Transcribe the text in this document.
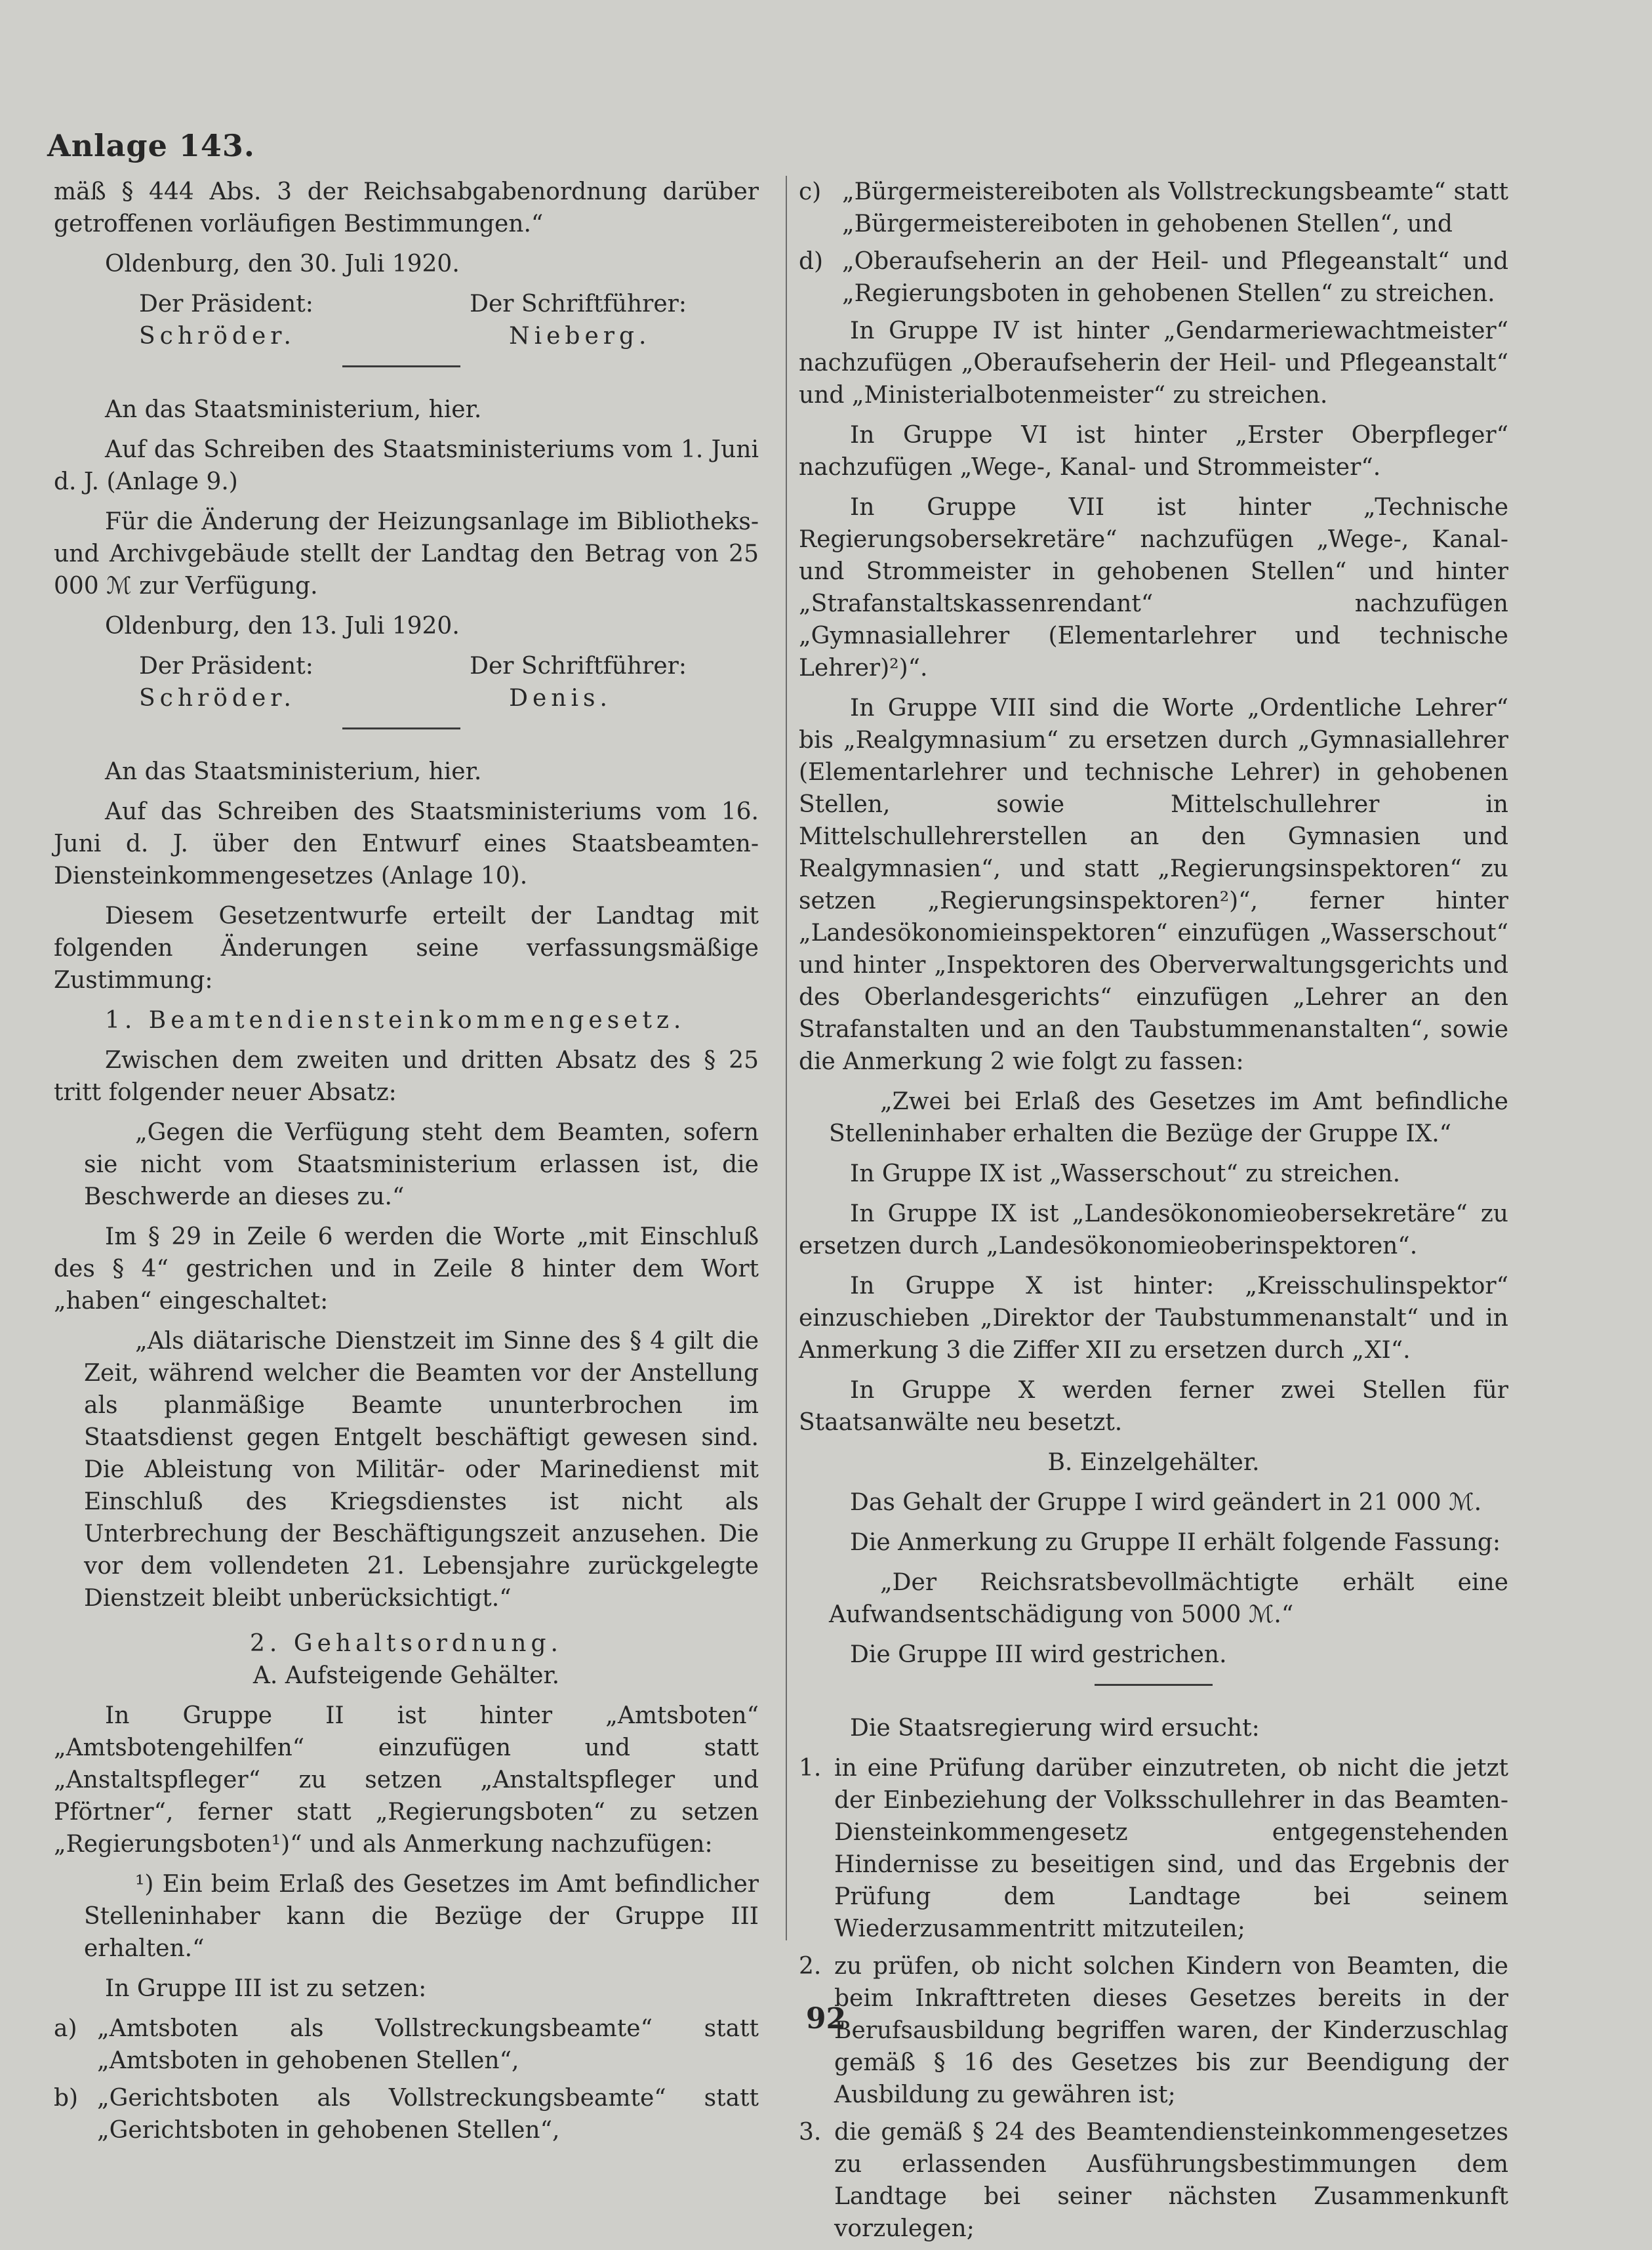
Anlage 143.

mäß § 444 Abs. 3 der Reichsabgabenordnung darüber getroffenen vorläufigen Bestimmungen.“

Oldenburg, den 30. Juli 1920.

Der Präsident:
Schröder.
Der Schriftführer:
Nieberg.

An das Staatsministerium, hier.

Auf das Schreiben des Staatsministeriums vom 1. Juni d. J. (Anlage 9.)

Für die Änderung der Heizungsanlage im Bibliotheks- und Archivgebäude stellt der Landtag den Betrag von 25 000 ℳ zur Verfügung.

Oldenburg, den 13. Juli 1920.

Der Präsident:
Schröder.
Der Schriftführer:
Denis.

An das Staatsministerium, hier.

Auf das Schreiben des Staatsministeriums vom 16. Juni d. J. über den Entwurf eines Staatsbeamten-Diensteinkommengesetzes (Anlage 10).

Diesem Gesetzentwurfe erteilt der Landtag mit folgenden Änderungen seine verfassungsmäßige Zustimmung:

1. Beamtendiensteinkommengesetz.

Zwischen dem zweiten und dritten Absatz des § 25 tritt folgender neuer Absatz:

„Gegen die Verfügung steht dem Beamten, sofern sie nicht vom Staatsministerium erlassen ist, die Beschwerde an dieses zu.“

Im § 29 in Zeile 6 werden die Worte „mit Einschluß des § 4“ gestrichen und in Zeile 8 hinter dem Wort „haben“ eingeschaltet:

„Als diätarische Dienstzeit im Sinne des § 4 gilt die Zeit, während welcher die Beamten vor der Anstellung als planmäßige Beamte ununterbrochen im Staatsdienst gegen Entgelt beschäftigt gewesen sind. Die Ableistung von Militär- oder Marinedienst mit Einschluß des Kriegsdienstes ist nicht als Unterbrechung der Beschäftigungszeit anzusehen. Die vor dem vollendeten 21. Lebensjahre zurückgelegte Dienstzeit bleibt unberücksichtigt.“

2. Gehaltsordnung.

A. Aufsteigende Gehälter.

In Gruppe II ist hinter „Amtsboten“ „Amtsbotengehilfen“ einzufügen und statt „Anstaltspfleger“ zu setzen „Anstaltspfleger und Pförtner“, ferner statt „Regierungsboten“ zu setzen „Regierungsboten¹)“ und als Anmerkung nachzufügen:

¹) Ein beim Erlaß des Gesetzes im Amt befindlicher Stelleninhaber kann die Bezüge der Gruppe III erhalten.“

In Gruppe III ist zu setzen:

a) „Amtsboten als Vollstreckungsbeamte“ statt „Amtsboten in gehobenen Stellen“,
b) „Gerichtsboten als Vollstreckungsbeamte“ statt „Gerichtsboten in gehobenen Stellen“,
c) „Bürgermeistereiboten als Vollstreckungsbeamte“ statt „Bürgermeistereiboten in gehobenen Stellen“, und
d) „Oberaufseherin an der Heil- und Pflegeanstalt“ und „Regierungsboten in gehobenen Stellen“ zu streichen.

In Gruppe IV ist hinter „Gendarmeriewachtmeister“ nachzufügen „Oberaufseherin der Heil- und Pflegeanstalt“ und „Ministerialbotenmeister“ zu streichen.

In Gruppe VI ist hinter „Erster Oberpfleger“ nachzufügen „Wege-, Kanal- und Strommeister“.

In Gruppe VII ist hinter „Technische Regierungsobersekretäre“ nachzufügen „Wege-, Kanal- und Strommeister in gehobenen Stellen“ und hinter „Strafanstaltskassenrendant“ nachzufügen „Gymnasiallehrer (Elementarlehrer und technische Lehrer)²)“.

In Gruppe VIII sind die Worte „Ordentliche Lehrer“ bis „Realgymnasium“ zu ersetzen durch „Gymnasiallehrer (Elementarlehrer und technische Lehrer) in gehobenen Stellen, sowie Mittelschullehrer in Mittelschullehrerstellen an den Gymnasien und Realgymnasien“, und statt „Regierungsinspektoren“ zu setzen „Regierungsinspektoren²)“, ferner hinter „Landesökonomieinspektoren“ einzufügen „Wasserschout“ und hinter „Inspektoren des Oberverwaltungsgerichts und des Oberlandesgerichts“ einzufügen „Lehrer an den Strafanstalten und an den Taubstummenanstalten“, sowie die Anmerkung 2 wie folgt zu fassen:

„Zwei bei Erlaß des Gesetzes im Amt befindliche Stelleninhaber erhalten die Bezüge der Gruppe IX.“

In Gruppe IX ist „Wasserschout“ zu streichen.

In Gruppe IX ist „Landesökonomieobersekretäre“ zu ersetzen durch „Landesökonomieoberinspektoren“.

In Gruppe X ist hinter: „Kreisschulinspektor“ einzuschieben „Direktor der Taubstummenanstalt“ und in Anmerkung 3 die Ziffer XII zu ersetzen durch „XI“.

In Gruppe X werden ferner zwei Stellen für Staatsanwälte neu besetzt.

B. Einzelgehälter.

Das Gehalt der Gruppe I wird geändert in 21 000 ℳ.

Die Anmerkung zu Gruppe II erhält folgende Fassung:

„Der Reichsratsbevollmächtigte erhält eine Aufwandsentschädigung von 5000 ℳ.“

Die Gruppe III wird gestrichen.

Die Staatsregierung wird ersucht:

1. in eine Prüfung darüber einzutreten, ob nicht die jetzt der Einbeziehung der Volksschullehrer in das Beamten-Diensteinkommengesetz entgegenstehenden Hindernisse zu beseitigen sind, und das Ergebnis der Prüfung dem Landtage bei seinem Wiederzusammentritt mitzuteilen;
2. zu prüfen, ob nicht solchen Kindern von Beamten, die beim Inkrafttreten dieses Gesetzes bereits in der Berufsausbildung begriffen waren, der Kinderzuschlag gemäß § 16 des Gesetzes bis zur Beendigung der Ausbildung zu gewähren ist;
3. die gemäß § 24 des Beamtendiensteinkommengesetzes zu erlassenden Ausführungsbestimmungen dem Landtage bei seiner nächsten Zusammenkunft vorzulegen;
92
